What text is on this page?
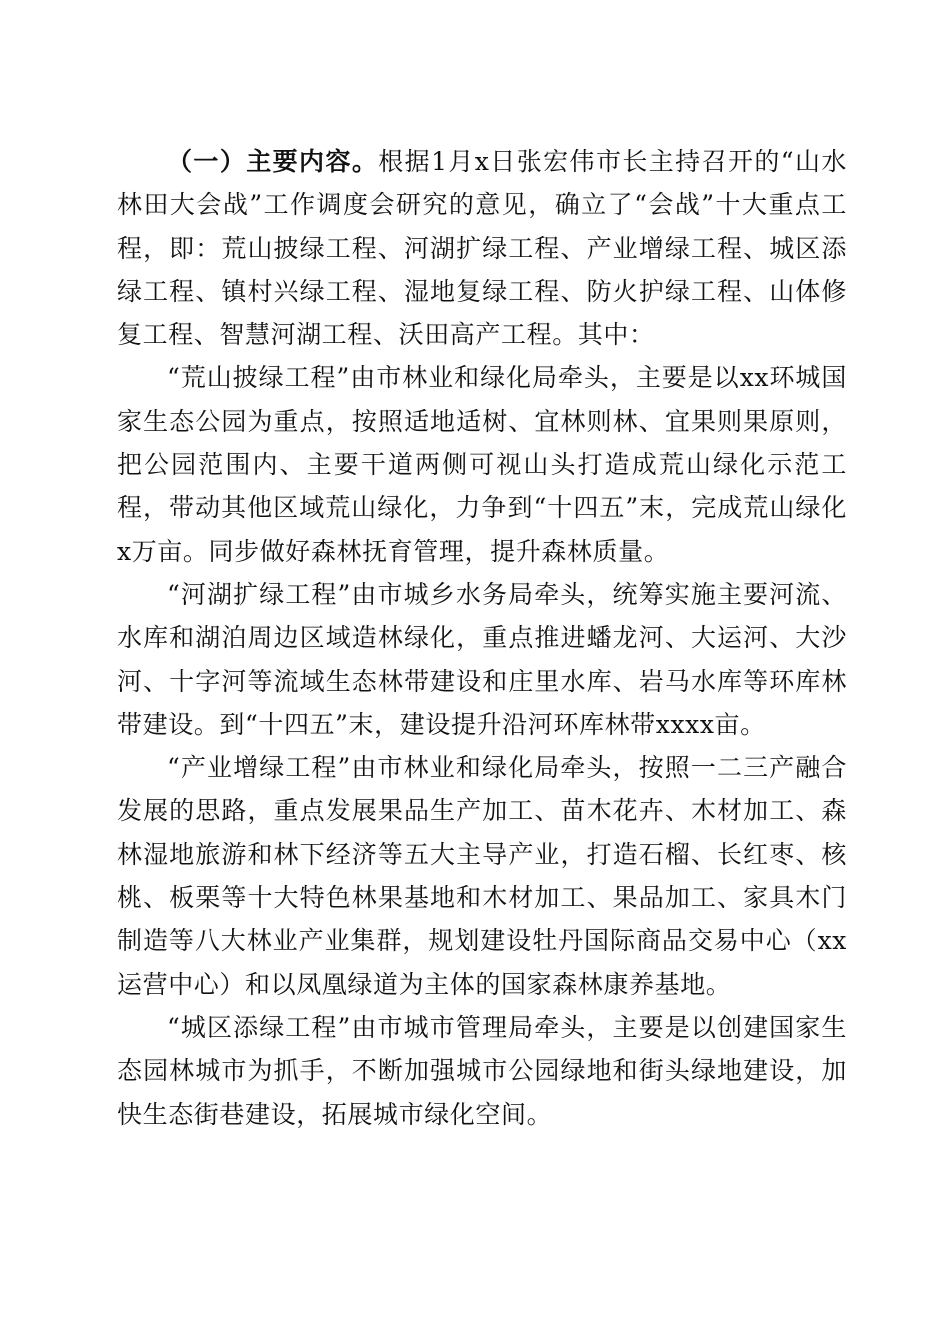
（一）主要内容。根据1月x日张宏伟市长主持召开的“山水林田大会战”工作调度会研究的意见，确立了“会战”十大重点工程，即：荒山披绿工程、河湖扩绿工程、产业增绿工程、城区添绿工程、镇村兴绿工程、湿地复绿工程、防火护绿工程、山体修复工程、智慧河湖工程、沃田高产工程。其中：

“荒山披绿工程”由市林业和绿化局牵头，主要是以xx环城国家生态公园为重点，按照适地适树、宜林则林、宜果则果原则，把公园范围内、主要干道两侧可视山头打造成荒山绿化示范工程，带动其他区域荒山绿化，力争到“十四五”末，完成荒山绿化x万亩。同步做好森林抚育管理，提升森林质量。

“河湖扩绿工程”由市城乡水务局牵头，统筹实施主要河流、水库和湖泊周边区域造林绿化，重点推进蟠龙河、大运河、大沙河、十字河等流域生态林带建设和庄里水库、岩马水库等环库林带建设。到“十四五”末，建设提升沿河环库林带xxxx亩。

“产业增绿工程”由市林业和绿化局牵头，按照一二三产融合发展的思路，重点发展果品生产加工、苗木花卉、木材加工、森林湿地旅游和林下经济等五大主导产业，打造石榴、长红枣、核桃、板栗等十大特色林果基地和木材加工、果品加工、家具木门制造等八大林业产业集群，规划建设牡丹国际商品交易中心（xx运营中心）和以凤凰绿道为主体的国家森林康养基地。

“城区添绿工程”由市城市管理局牵头，主要是以创建国家生态园林城市为抓手，不断加强城市公园绿地和街头绿地建设，加快生态街巷建设，拓展城市绿化空间。
